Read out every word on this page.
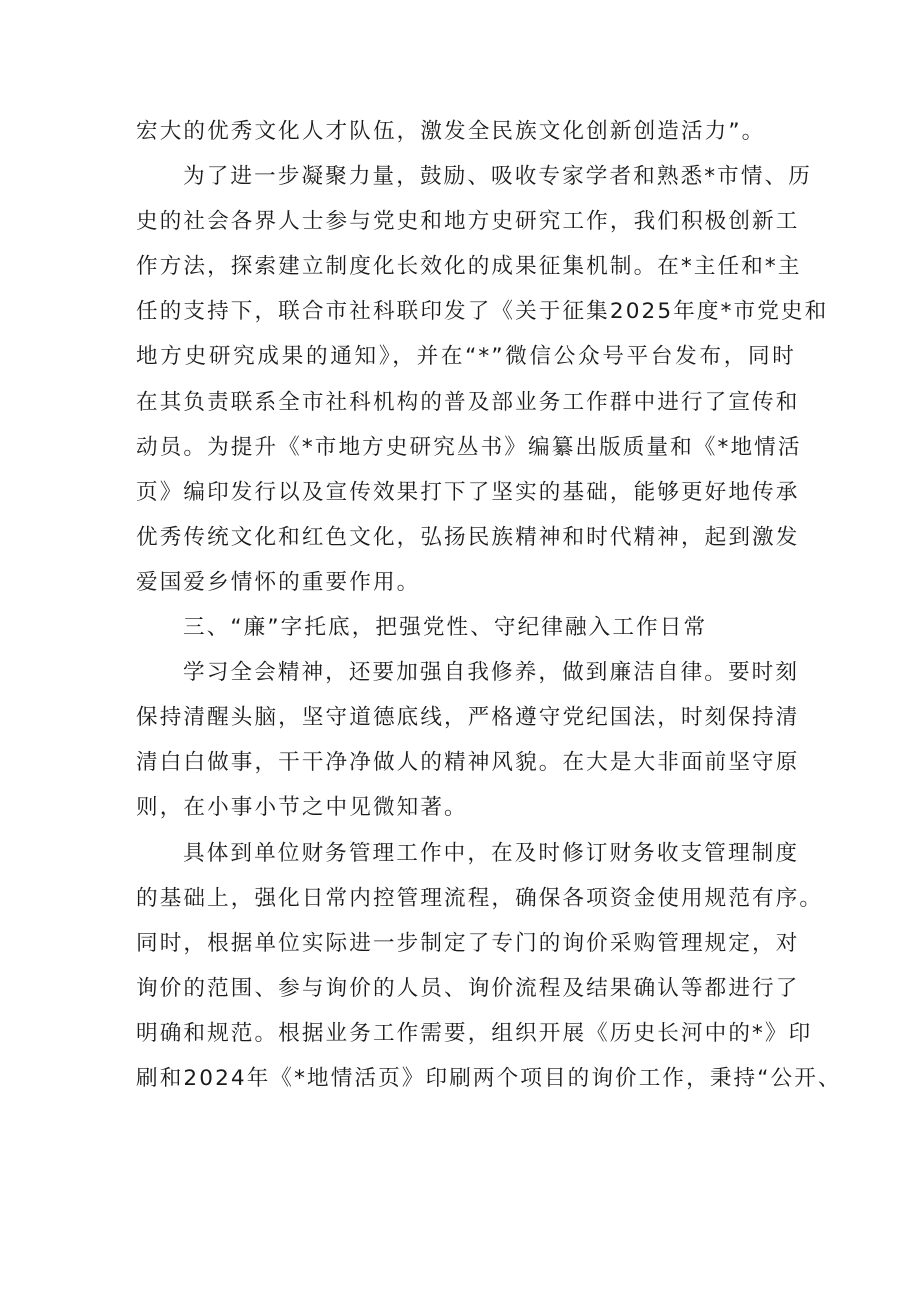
宏大的优秀文化人才队伍，激发全民族文化创新创造活力”。
为了进一步凝聚力量，鼓励、吸收专家学者和熟悉*市情、历
史的社会各界人士参与党史和地方史研究工作，我们积极创新工
作方法，探索建立制度化长效化的成果征集机制。在*主任和*主
任的支持下，联合市社科联印发了《关于征集2025年度*市党史和
地方史研究成果的通知》，并在“*”微信公众号平台发布，同时
在其负责联系全市社科机构的普及部业务工作群中进行了宣传和
动员。为提升《*市地方史研究丛书》编纂出版质量和《*地情活
页》编印发行以及宣传效果打下了坚实的基础，能够更好地传承
优秀传统文化和红色文化，弘扬民族精神和时代精神，起到激发
爱国爱乡情怀的重要作用。
三、“廉”字托底，把强党性、守纪律融入工作日常
学习全会精神，还要加强自我修养，做到廉洁自律。要时刻
保持清醒头脑，坚守道德底线，严格遵守党纪国法，时刻保持清
清白白做事，干干净净做人的精神风貌。在大是大非面前坚守原
则，在小事小节之中见微知著。
具体到单位财务管理工作中，在及时修订财务收支管理制度
的基础上，强化日常内控管理流程，确保各项资金使用规范有序。
同时，根据单位实际进一步制定了专门的询价采购管理规定，对
询价的范围、参与询价的人员、询价流程及结果确认等都进行了
明确和规范。根据业务工作需要，组织开展《历史长河中的*》印
刷和2024年《*地情活页》印刷两个项目的询价工作，秉持“公开、
